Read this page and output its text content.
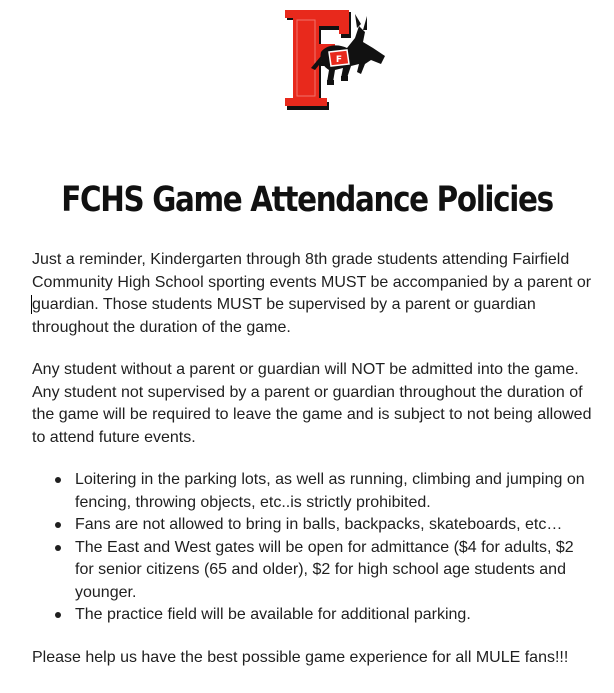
F
FCHS Game Attendance Policies

Just a reminder, Kindergarten through 8th grade students attending Fairfield Community High School sporting events MUST be accompanied by a parent or guardian. Those students MUST be supervised by a parent or guardian throughout the duration of the game.

Any student without a parent or guardian will NOT be admitted into the game. Any student not supervised by a parent or guardian throughout the duration of the game will be required to leave the game and is subject to not being allowed to attend future events.

Loitering in the parking lots, as well as running, climbing and jumping on fencing, throwing objects, etc..is strictly prohibited.
Fans are not allowed to bring in balls, backpacks, skateboards, etc…
The East and West gates will be open for admittance ($4 for adults, $2 for senior citizens (65 and older), $2 for high school age students and younger.
The practice field will be available for additional parking.

Please help us have the best possible game experience for all MULE fans!!!
